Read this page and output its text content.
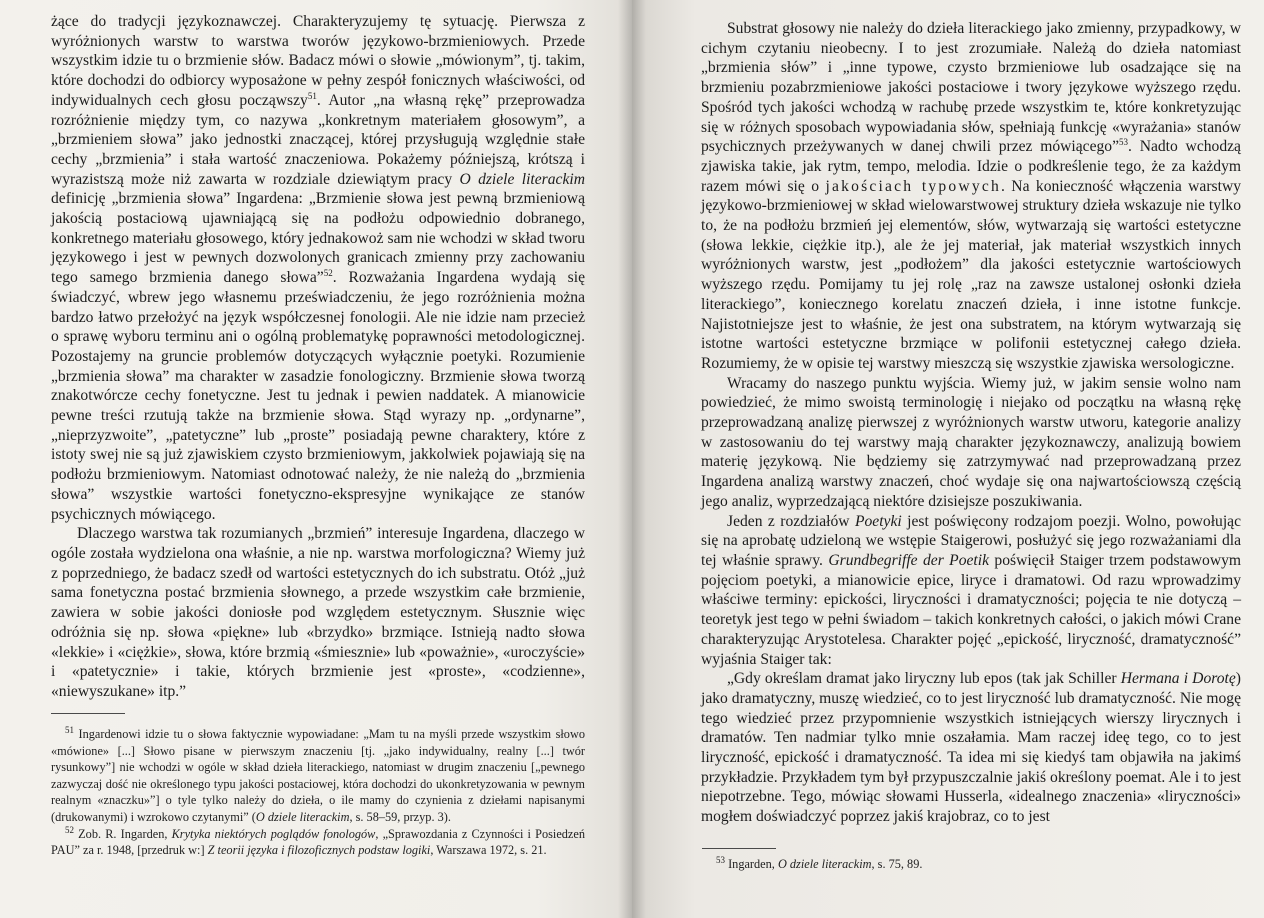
żące do tradycji językoznawczej. Charakteryzujemy tę sytuację. Pierwsza z wyróżnionych warstw to warstwa tworów językowo-brzmieniowych. Przede wszystkim idzie tu o brzmienie słów. Badacz mówi o słowie „mówionym”, tj. takim, które dochodzi do odbiorcy wyposażone w pełny zespół fonicznych właściwości, od indywidualnych cech głosu począwszy$^{51}$. Autor „na własną rękę” przeprowadza rozróżnienie między tym, co nazywa „konkretnym materiałem głosowym”, a „brzmieniem słowa” jako jednostki znaczącej, której przysługują względnie stałe cechy „brzmienia” i stała wartość znaczeniowa. Pokażemy późniejszą, krótszą i wyrazistszą może niż zawarta w rozdziale dziewiątym pracy O dziele literackim definicję „brzmienia słowa” Ingardena: „Brzmienie słowa jest pewną brzmieniową jakością postaciową ujawniającą się na podłożu odpowiednio dobranego, konkretnego materiału głosowego, który jednakowoż sam nie wchodzi w skład tworu językowego i jest w pewnych dozwolonych granicach zmienny przy zachowaniu tego samego brzmienia danego słowa”$^{52}$. Rozważania Ingardena wydają się świadczyć, wbrew jego własnemu przeświadczeniu, że jego rozróżnienia można bardzo łatwo przełożyć na język współczesnej fonologii. Ale nie idzie nam przecież o sprawę wyboru terminu ani o ogólną problematykę poprawności metodologicznej. Pozostajemy na gruncie problemów dotyczących wyłącznie poetyki. Rozumienie „brzmienia słowa” ma charakter w zasadzie fonologiczny. Brzmienie słowa tworzą znakotwórcze cechy fonetyczne. Jest tu jednak i pewien naddatek. A mianowicie pewne treści rzutują także na brzmienie słowa. Stąd wyrazy np. „ordynarne”, „nieprzyzwoite”, „patetyczne” lub „proste” posiadają pewne charaktery, które z istoty swej nie są już zjawiskiem czysto brzmieniowym, jakkolwiek pojawiają się na podłożu brzmieniowym. Natomiast odnotować należy, że nie należą do „brzmienia słowa” wszystkie wartości fonetyczno-ekspresyjne wynikające ze stanów psychicznych mówiącego.

Dlaczego warstwa tak rozumianych „brzmień” interesuje Ingardena, dlaczego w ogóle została wydzielona ona właśnie, a nie np. warstwa morfologiczna? Wiemy już z poprzedniego, że badacz szedł od wartości estetycznych do ich substratu. Otóż „już sama fonetyczna postać brzmienia słownego, a przede wszystkim całe brzmienie, zawiera w sobie jakości doniosłe pod względem estetycznym. Słusznie więc odróżnia się np. słowa «piękne» lub «brzydko» brzmiące. Istnieją nadto słowa «lekkie» i «ciężkie», słowa, które brzmią «śmiesznie» lub «poważnie», «uroczyście» i «patetycznie» i takie, których brzmienie jest «proste», «codzienne», «niewyszukane» itp.”

$^{51}$ Ingardenowi idzie tu o słowa faktycznie wypowiadane: „Mam tu na myśli przede wszystkim słowo «mówione» [...] Słowo pisane w pierwszym znaczeniu [tj. „jako indywidualny, realny [...] twór rysunkowy”] nie wchodzi w ogóle w skład dzieła literackiego, natomiast w drugim znaczeniu [„pewnego zazwyczaj dość nie określonego typu jakości postaciowej, która dochodzi do ukonkretyzowania w pewnym realnym «znaczku»”] o tyle tylko należy do dzieła, o ile mamy do czynienia z dziełami napisanymi (drukowanymi) i wzrokowo czytanymi” (O dziele literackim, s. 58–59, przyp. 3).

$^{52}$ Zob. R. Ingarden, Krytyka niektórych poglądów fonologów, „Sprawozdania z Czynności i Posiedzeń PAU” za r. 1948, [przedruk w:] Z teorii języka i filozoficznych podstaw logiki, Warszawa 1972, s. 21.

Substrat głosowy nie należy do dzieła literackiego jako zmienny, przypadkowy, w cichym czytaniu nieobecny. I to jest zrozumiałe. Należą do dzieła natomiast „brzmienia słów” i „inne typowe, czysto brzmieniowe lub osadzające się na brzmieniu pozabrzmieniowe jakości postaciowe i twory językowe wyższego rzędu. Spośród tych jakości wchodzą w rachubę przede wszystkim te, które konkretyzując się w różnych sposobach wypowiadania słów, spełniają funkcję «wyrażania» stanów psychicznych przeżywanych w danej chwili przez mówiącego”$^{53}$. Nadto wchodzą zjawiska takie, jak rytm, tempo, melodia. Idzie o podkreślenie tego, że za każdym razem mówi się o jakościach typowych. Na konieczność włączenia warstwy językowo-brzmieniowej w skład wielowarstwowej struktury dzieła wskazuje nie tylko to, że na podłożu brzmień jej elementów, słów, wytwarzają się wartości estetyczne (słowa lekkie, ciężkie itp.), ale że jej materiał, jak materiał wszystkich innych wyróżnionych warstw, jest „podłożem” dla jakości estetycznie wartościowych wyższego rzędu. Pomijamy tu jej rolę „raz na zawsze ustalonej osłonki dzieła literackiego”, koniecznego korelatu znaczeń dzieła, i inne istotne funkcje. Najistotniejsze jest to właśnie, że jest ona substratem, na którym wytwarzają się istotne wartości estetyczne brzmiące w polifonii estetycznej całego dzieła. Rozumiemy, że w opisie tej warstwy mieszczą się wszystkie zjawiska wersologiczne.

Wracamy do naszego punktu wyjścia. Wiemy już, w jakim sensie wolno nam powiedzieć, że mimo swoistą terminologię i niejako od początku na własną rękę przeprowadzaną analizę pierwszej z wyróżnionych warstw utworu, kategorie analizy w zastosowaniu do tej warstwy mają charakter językoznawczy, analizują bowiem materię językową. Nie będziemy się zatrzymywać nad przeprowadzaną przez Ingardena analizą warstwy znaczeń, choć wydaje się ona najwartościowszą częścią jego analiz, wyprzedzającą niektóre dzisiejsze poszukiwania.

Jeden z rozdziałów Poetyki jest poświęcony rodzajom poezji. Wolno, powołując się na aprobatę udzieloną we wstępie Staigerowi, posłużyć się jego rozważaniami dla tej właśnie sprawy. Grundbegriffe der Poetik poświęcił Staiger trzem podstawowym pojęciom poetyki, a mianowicie epice, liryce i dramatowi. Od razu wprowadzimy właściwe terminy: epickości, liryczności i dramatyczności; pojęcia te nie dotyczą – teoretyk jest tego w pełni świadom – takich konkretnych całości, o jakich mówi Crane charakteryzując Arystotelesa. Charakter pojęć „epickość, liryczność, dramatyczność” wyjaśnia Staiger tak:

„Gdy określam dramat jako liryczny lub epos (tak jak Schiller Hermana i Dorotę) jako dramatyczny, muszę wiedzieć, co to jest liryczność lub dramatyczność. Nie mogę tego wiedzieć przez przypomnienie wszystkich istniejących wierszy lirycznych i dramatów. Ten nadmiar tylko mnie oszałamia. Mam raczej ideę tego, co to jest liryczność, epickość i dramatyczność. Ta idea mi się kiedyś tam objawiła na jakimś przykładzie. Przykładem tym był przypuszczalnie jakiś określony poemat. Ale i to jest niepotrzebne. Tego, mówiąc słowami Husserla, «idealnego znaczenia» «liryczności» mogłem doświadczyć poprzez jakiś krajobraz, co to jest

$^{53}$ Ingarden, O dziele literackim, s. 75, 89.
